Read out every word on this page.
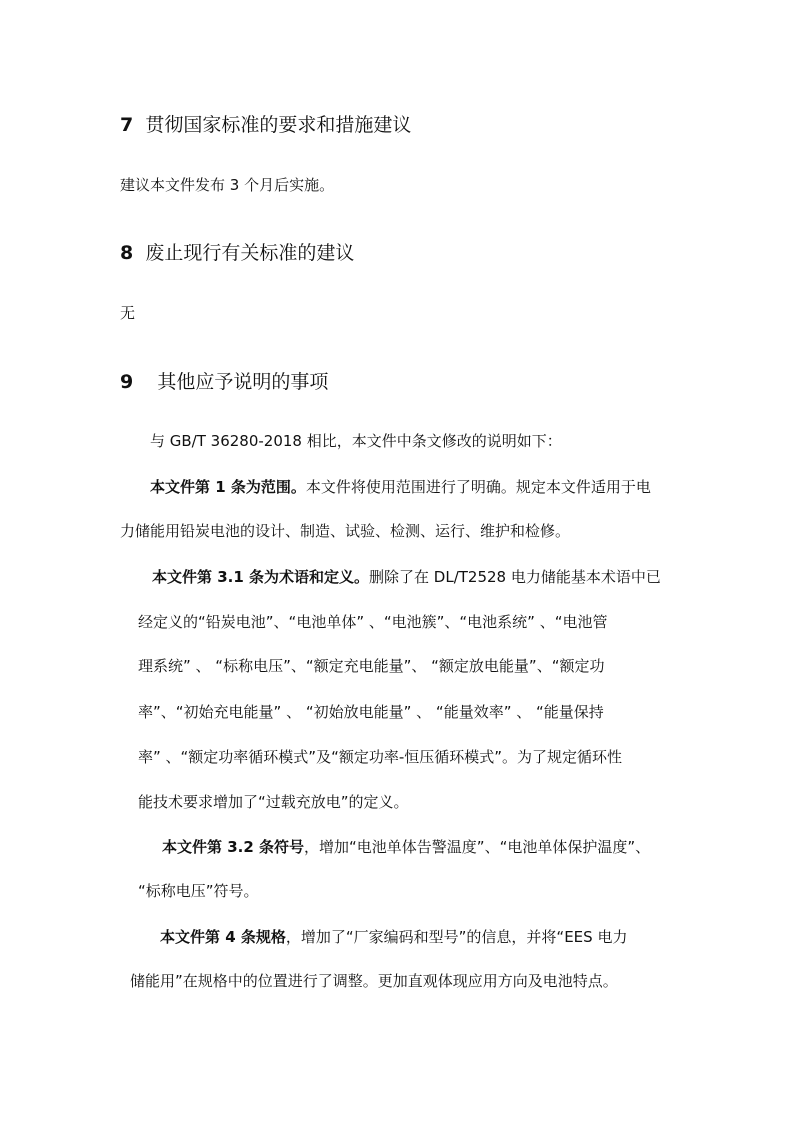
7 贯彻国家标准的要求和措施建议
建议本文件发布 3 个月后实施。
8 废止现行有关标准的建议
无
9 其他应予说明的事项
与 GB/T 36280-2018 相比，本文件中条文修改的说明如下：
本文件第 1 条为范围。本文件将使用范围进行了明确。规定本文件适用于电
力储能用铅炭电池的设计、制造、试验、检测、运行、维护和检修。
本文件第 3.1 条为术语和定义。删除了在 DL/T2528 电力储能基本术语中已
经定义的“铅炭电池”、“电池单体” 、“电池簇”、“电池系统” 、“电池管
理系统” 、 “标称电压”、“额定充电能量”、 “额定放电能量”、“额定功
率”、“初始充电能量” 、 “初始放电能量” 、 “能量效率” 、 “能量保持
率” 、“额定功率循环模式”及“额定功率-恒压循环模式”。为了规定循环性
能技术要求增加了“过载充放电”的定义。
本文件第 3.2 条符号，增加“电池单体告警温度”、“电池单体保护温度”、
“标称电压”符号。
本文件第 4 条规格，增加了“厂家编码和型号”的信息，并将“EES 电力
储能用”在规格中的位置进行了调整。更加直观体现应用方向及电池特点。
